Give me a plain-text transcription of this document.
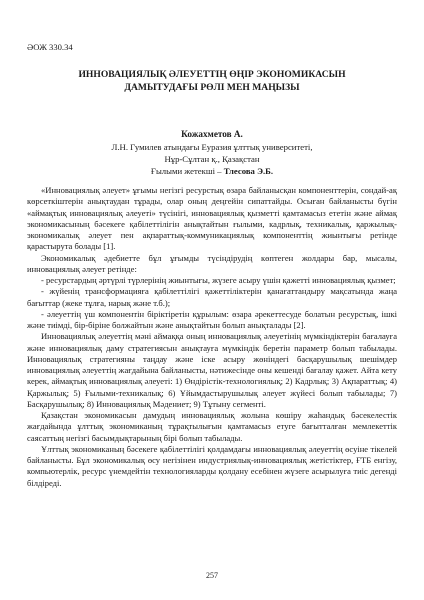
ӘОЖ 330.34
ИННОВАЦИЯЛЫҚ ӘЛЕУЕТТІҢ ӨҢІР ЭКОНОМИКАСЫН
ДАМЫТУДАҒЫ РӨЛІ МЕН МАҢЫЗЫ
Кожахметов А.
Л.Н. Гумилев атындағы Еуразия ұлттық университеті,
Нұр-Сұлтан қ., Қазақстан
Ғылыми жетекші – Тлесова Э.Б.

«Инновациялық әлеует» ұғымы негізгі ресурстық өзара байланысқан компоненттерін, сондай-ақ көрсеткіштерін анықтаудан тұрады, олар оның деңгейін сипаттайды. Осыған байланысты бүгін «аймақтық инновациялық әлеуеті» түсінігі, инновациялық қызметті қамтамасыз ететін және аймақ экономикасының бәсекеге қабілеттілігін анықтайтын ғылыми, кадрлық, техникалық, қаржылық-экономикалық әлеует пен ақпараттық-коммуникациялық компоненттің жиынтығы ретінде қарастырута болады [1].

Экономикалық әдебиетте бұл ұғымды түсіндірудің көптеген жолдары бар, мысалы, инновациялық әлеует ретінде:

- ресурстардың әртүрлі түрлерінің жиынтығы, жүзеге асыру үшін қажетті инновациялық қызмет;

- жүйенің трансформацияға қабілеттілігі қажеттіліктерін қанағаттандыру мақсатында жаңа бағыттар (жеке тұлға, нарық және т.б.);

- әлеуеттің үш компонентін біріктіретін құрылым: өзара әрекеттесуде болатын ресурстық, ішкі және тиімді, бір-біріне болжайтын және анықтайтын болып анықталады [2].

Инновациялық әлеуеттің мәні аймаққа оның инновациялық әлеуетінің мүмкіндіктерін бағалауға және инновациялық даму стратегиясын анықтауға мүмкіндік беретін параметр болып табылады. Инновациялық стратегияны таңдау және іске асыру жөніндегі басқарушылық шешімдер инновациялық әлеуеттің жағдайына байланысты, нәтижесінде оны кешенді бағалау қажет. Айта кету керек, аймақтық инновациялық әлеуеті: 1) Өндірістік-технологиялық; 2) Кадрлық; 3) Ақпараттық; 4) Қаржылық; 5) Ғылыми-техникалық; 6) Ұйымдастырушылық әлеует жүйесі болып табылады; 7) Басқарушылық; 8) Инновациялық Мәдениет; 9) Тұтыну сегменті.

Қазақстан экономикасын дамудың инновациялық жолына көшіру жаһандық бәсекелестік жағдайында ұлттық экономиканың тұрақтылығын қамтамасыз етуге бағытталған мемлекеттік саясаттың негізгі басымдықтарының бірі болып табылады.

Ұлттық экономиканың бәсекеге қабілеттілігі қолдамдағы инновациялық әлеуеттің өсуіне тікелей байланысты. Бұл экономикалық өсу негізінен индустриялық-инновациялық жетістіктер, ҒТБ енгізу, компьютерлік, ресурс үнемдейтін технологияларды қолдану есебінен жүзеге асырылуға тиіс дегенді білдіреді.

257
